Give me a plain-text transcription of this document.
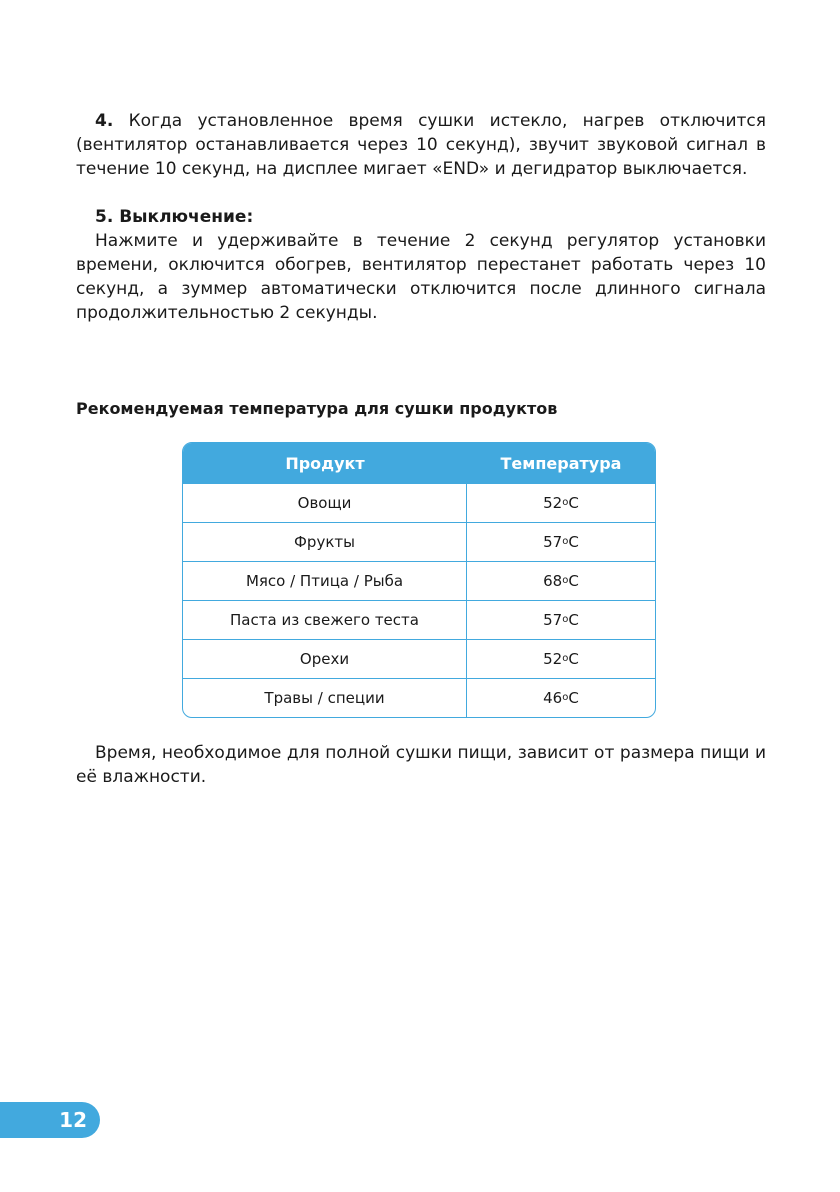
4. Когда установленное время сушки истекло, нагрев отключится (вентилятор останавливается через 10 секунд), звучит звуковой сигнал в течение 10 секунд, на дисплее мигает «END» и дегидратор выключается.

5. Выключение:

Нажмите и удерживайте в течение 2 секунд регулятор установки времени, оключится обогрев, вентилятор перестанет работать через 10 секунд, а зуммер автоматически отключится после длинного сигнала продолжительностью 2 секунды.

Рекомендуемая температура для сушки продуктов

Продукт	Температура
Овощи	52$^o$ C
Фрукты	57$^o$ C
Мясо / Птица / Рыба	68$^o$ C
Паста из свежего теста	57$^o$ C
Орехи	52$^o$ C
Травы / специи	46$^o$ C

Время, необходимое для полной сушки пищи, зависит от размера пищи и её влажности.

12
